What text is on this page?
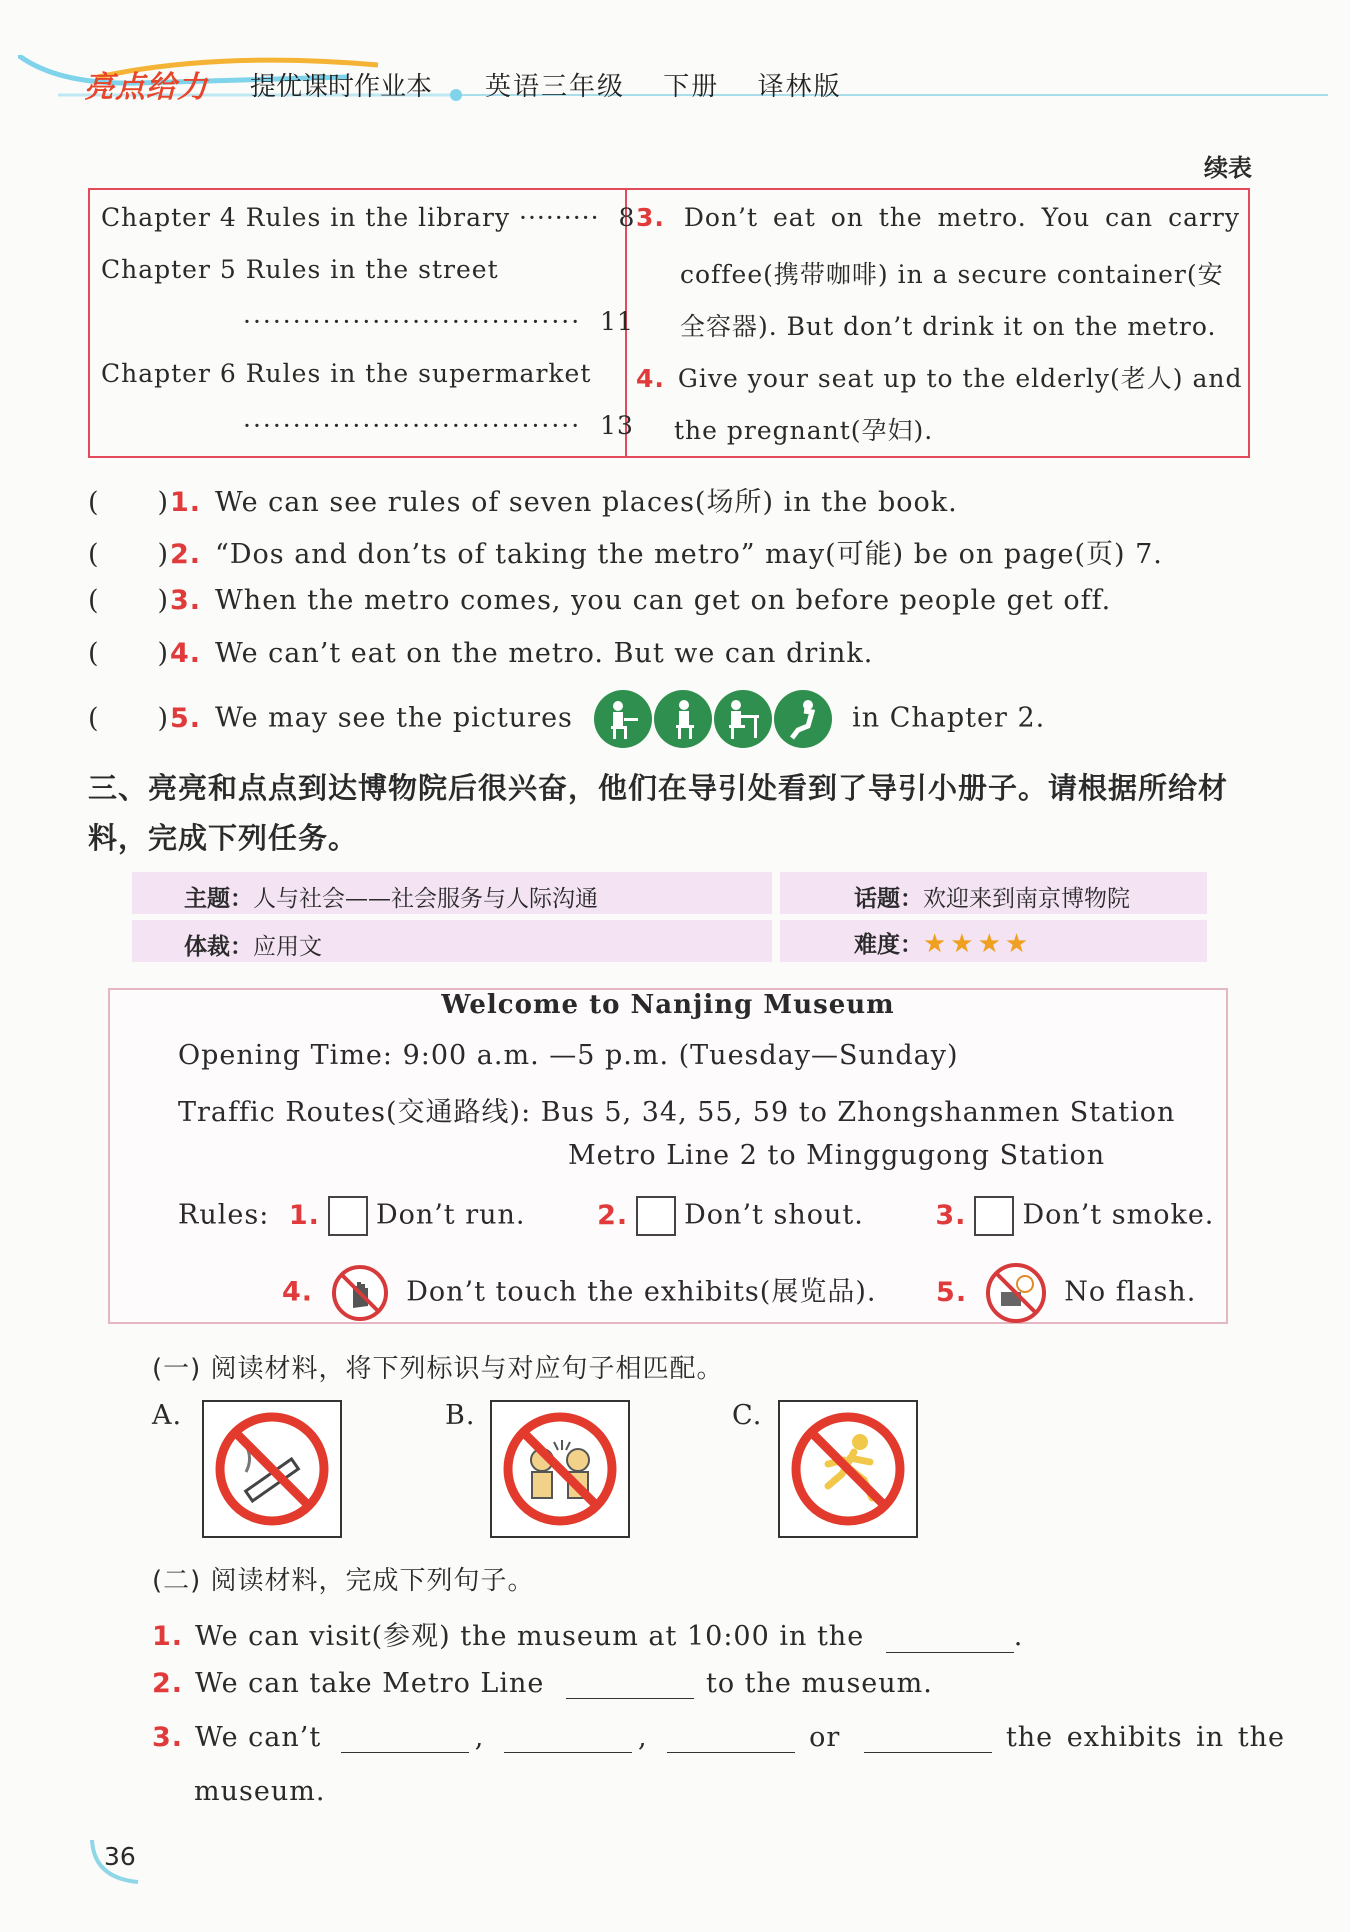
亮点给力 提优课时作业本 英语三年级 下册 译林版
续表
Chapter 4 Rules in the library ········· 8
Chapter 5 Rules in the street
·································· 11
Chapter 6 Rules in the supermarket
·································· 13
3. Don’t eat on the metro. You can carry
coffee(携带咖啡) in a secure container(安
全容器). But don’t drink it on the metro.
4. Give your seat up to the elderly(老人) and
the pregnant(孕妇).
( )1. We can see rules of seven places(场所) in the book.
( )2. “Dos and don’ts of taking the metro” may(可能) be on page(页) 7.
( )3. When the metro comes, you can get on before people get off.
( )4. We can’t eat on the metro. But we can drink.
( )5. We may see the pictures	in Chapter 2.
三、亮亮和点点到达博物院后很兴奋，他们在导引处看到了导引小册子。请根据所给材料，完成下列任务。
主题：人与社会——社会服务与人际沟通	话题：欢迎来到南京博物院
体裁：应用文	难度：★★★★
Welcome to Nanjing Museum
Opening Time: 9:00 a.m. —5 p.m. (Tuesday—Sunday)
Traffic Routes(交通路线): Bus 5, 34, 55, 59 to Zhongshanmen Station
Metro Line 2 to Minggugong Station
Rules: 1. Don’t run.	2. Don’t shout.	3. Don’t smoke.
4.	Don’t touch the exhibits(展览品). 5.	No flash.
(一) 阅读材料，将下列标识与对应句子相匹配。
A.	B.	C.
(二) 阅读材料，完成下列句子。
1. We can visit(参观) the museum at 10:00 in the	.
2. We can take Metro Line	to the museum.
3. We can’t	,	,	or	the exhibits in the
museum.
36
